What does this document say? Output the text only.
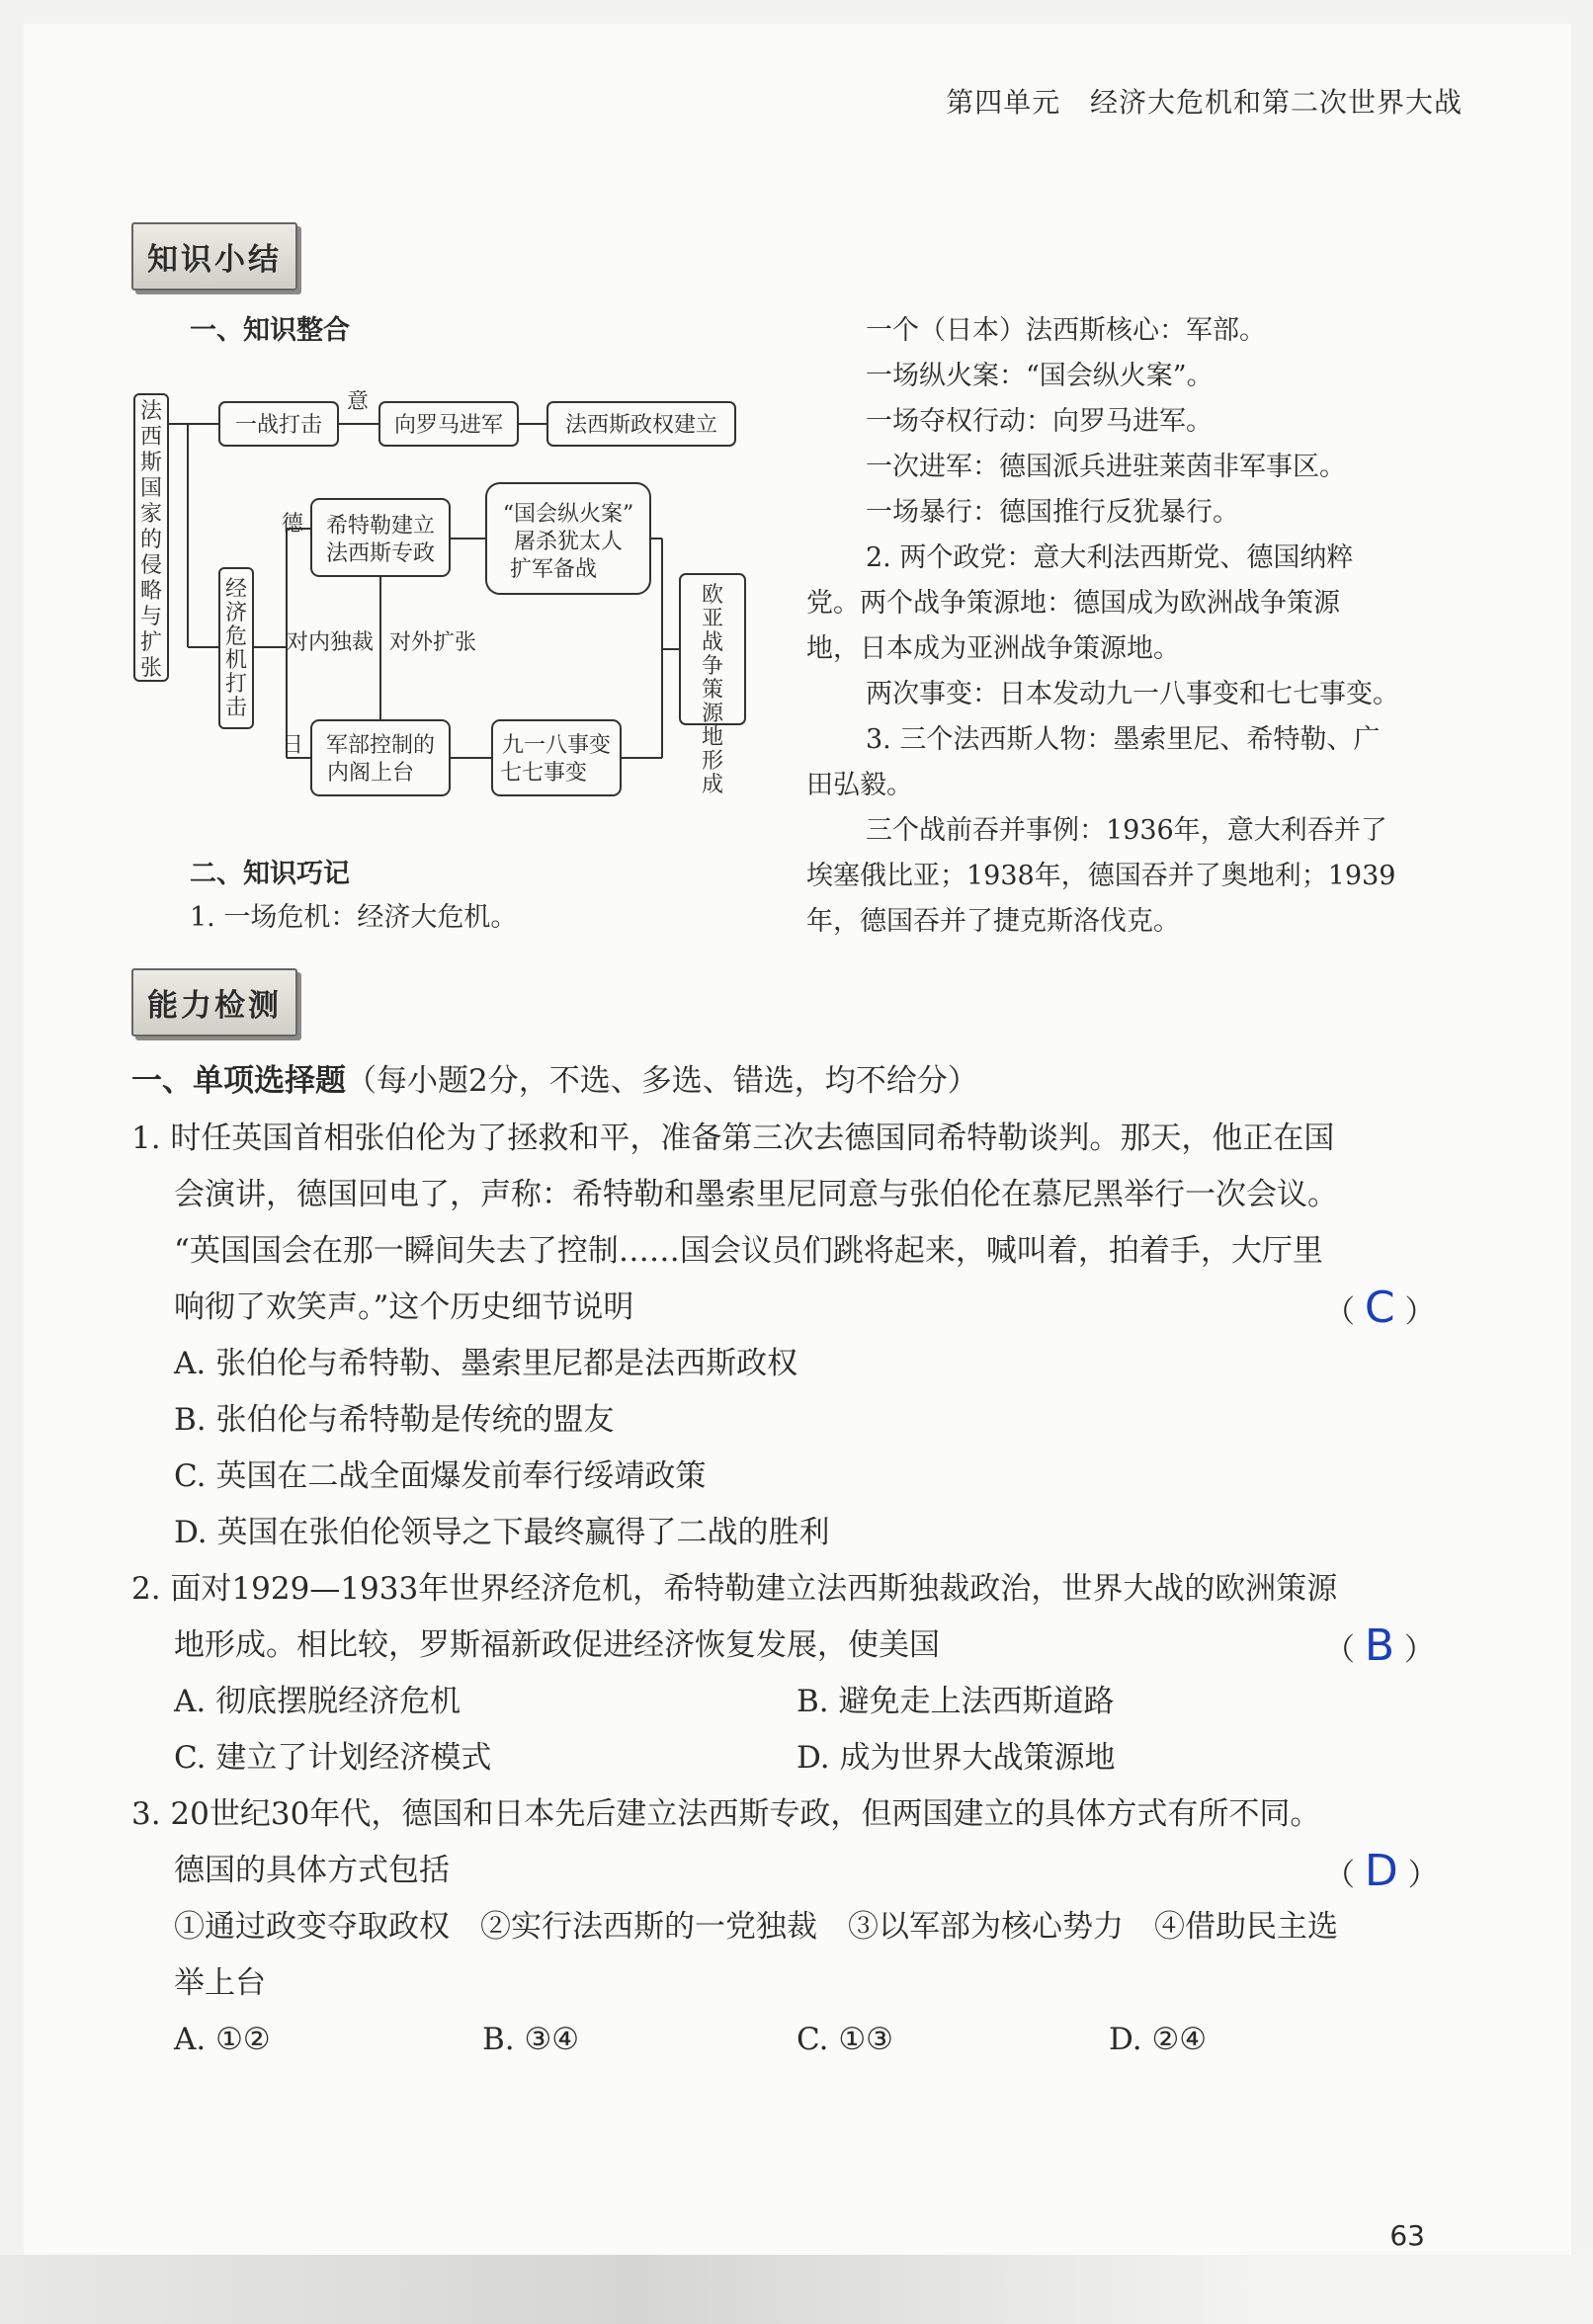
第四单元 经济大危机和第二次世界大战
知识小结
一、知识整合
法西斯国家的侵略与扩张
经济危机打击
欧亚战争策源地形成
一战打击
意
向罗马进军	法西斯政权建立
德 希特勒建立
法西斯专政
“国会纵火案”
屠杀犹太人
扩军备战
对内独裁 对外扩张
日 军部控制的
内阁上台
九一八事变
七七事变
二、知识巧记
1. 一场危机：经济大危机。
一个（日本）法西斯核心：军部。
一场纵火案：“国会纵火案”。
一场夺权行动：向罗马进军。
一次进军：德国派兵进驻莱茵非军事区。
一场暴行：德国推行反犹暴行。
2. 两个政党：意大利法西斯党、德国纳粹
党。两个战争策源地：德国成为欧洲战争策源
地，日本成为亚洲战争策源地。
两次事变：日本发动九一八事变和七七事变。
3. 三个法西斯人物：墨索里尼、希特勒、广
田弘毅。
三个战前吞并事例：1936年，意大利吞并了
埃塞俄比亚；1938年，德国吞并了奥地利；1939
年，德国吞并了捷克斯洛伐克。
能力检测
一、单项选择题（每小题2分，不选、多选、错选，均不给分）
1. 时任英国首相张伯伦为了拯救和平，准备第三次去德国同希特勒谈判。那天，他正在国
会演讲，德国回电了，声称：希特勒和墨索里尼同意与张伯伦在慕尼黑举行一次会议。
“英国国会在那一瞬间失去了控制……国会议员们跳将起来，喊叫着，拍着手，大厅里
响彻了欢笑声。”这个历史细节说明	（ C ）
A. 张伯伦与希特勒、墨索里尼都是法西斯政权
B. 张伯伦与希特勒是传统的盟友
C. 英国在二战全面爆发前奉行绥靖政策
D. 英国在张伯伦领导之下最终赢得了二战的胜利
2. 面对1929—1933年世界经济危机，希特勒建立法西斯独裁政治，世界大战的欧洲策源
地形成。相比较，罗斯福新政促进经济恢复发展，使美国	（ B ）
A. 彻底摆脱经济危机	B. 避免走上法西斯道路
C. 建立了计划经济模式	D. 成为世界大战策源地
3. 20世纪30年代，德国和日本先后建立法西斯专政，但两国建立的具体方式有所不同。
德国的具体方式包括	（ D ）
①通过政变夺取政权　②实行法西斯的一党独裁　③以军部为核心势力　④借助民主选
举上台
A. ①②	B. ③④	C. ①③	D. ②④
63
